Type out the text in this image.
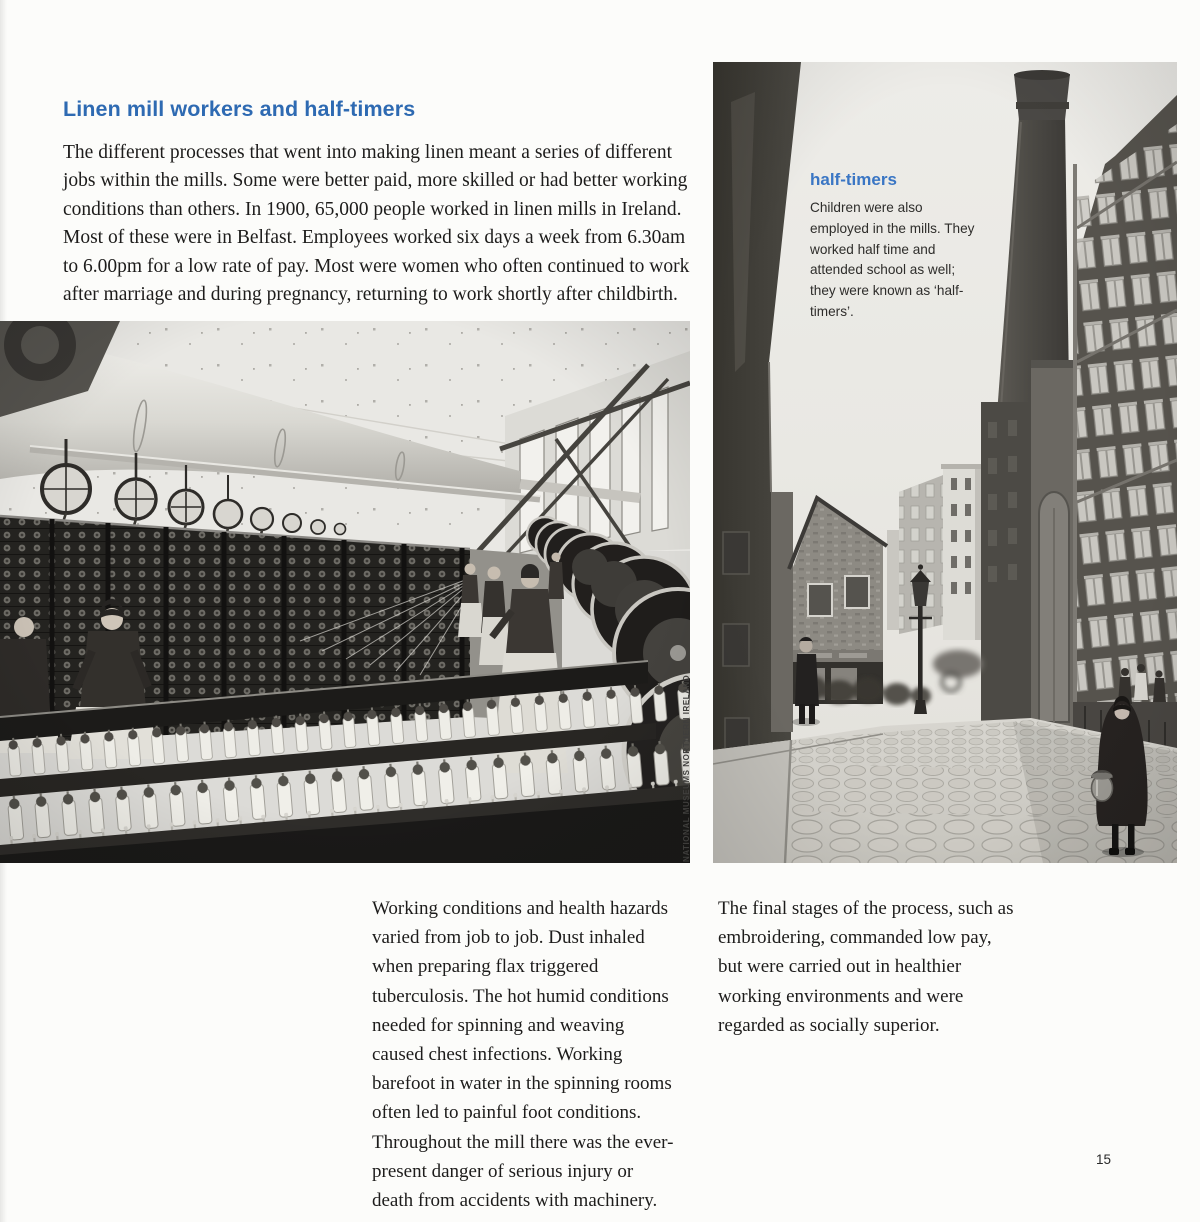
Linen mill workers and half-timers

The different processes that went into making linen meant a series of different jobs within the mills. Some were better paid, more skilled or had better working conditions than others. In 1900, 65,000 people worked in linen mills in Ireland. Most of these were in Belfast. Employees worked six days a week from 6.30am to 6.00pm for a low rate of pay. Most were women who often continued to work after marriage and during pregnancy, returning to work shortly after childbirth.

NATIONAL MUSEUMS NORTHERN IRELAND
half-timers

Children were also employed in the mills. They worked half time and attended school as well; they were known as ‘half-timers’.

Working conditions and health hazards varied from job to job. Dust inhaled when preparing flax triggered tuberculosis. The hot humid conditions needed for spinning and weaving caused chest infections. Working barefoot in water in the spinning rooms often led to painful foot conditions. Throughout the mill there was the ever-present danger of serious injury or death from accidents with machinery.

The final stages of the process, such as embroidering, commanded low pay, but were carried out in healthier working environments and were regarded as socially superior.

15
